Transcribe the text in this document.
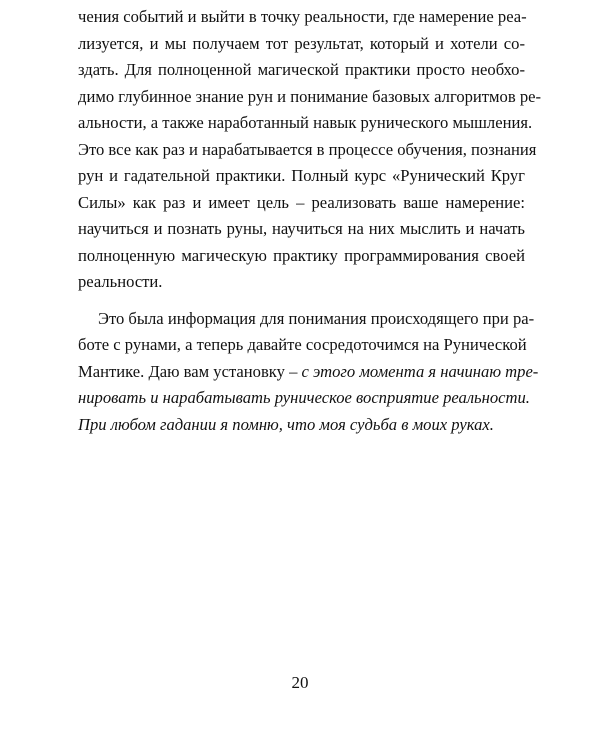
чения событий и выйти в точку реальности, где намерение реа-
лизуется, и мы получаем тот результат, который и хотели со-
здать. Для полноценной магической практики просто необхо-
димо глубинное знание рун и понимание базовых алгоритмов ре-
альности, а также наработанный навык рунического мышления.
Это все как раз и нарабатывается в процессе обучения, познания
рун и гадательной практики. Полный курс «Рунический Круг
Силы» как раз и имеет цель – реализовать ваше намерение:
научиться и познать руны, научиться на них мыслить и начать
полноценную магическую практику программирования своей
реальности.
Это была информация для понимания происходящего при ра-
боте с рунами, а теперь давайте сосредоточимся на Рунической
Мантике. Даю вам установку – с этого момента я начинаю тре-
нировать и нарабатывать руническое восприятие реальности.
При любом гадании я помню, что моя судьба в моих руках.
20
